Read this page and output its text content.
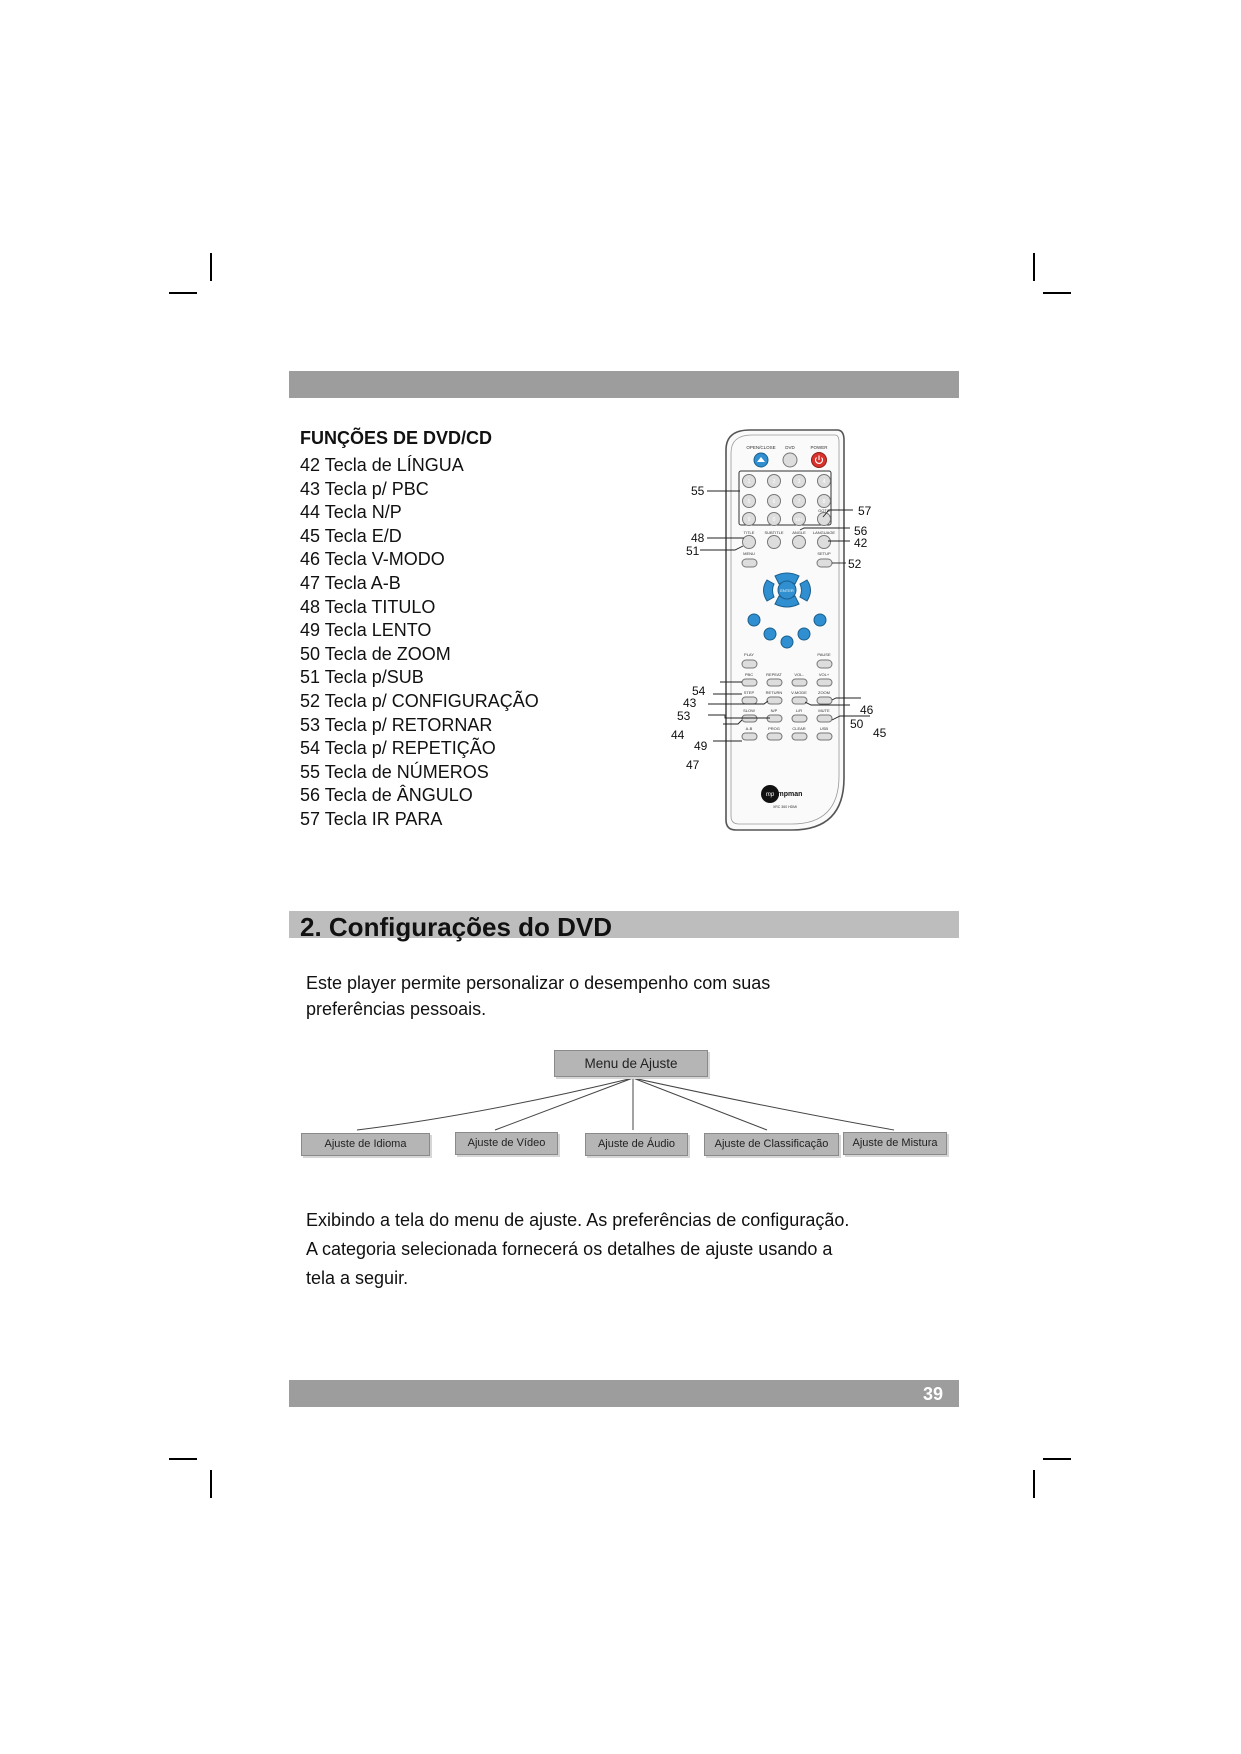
FUNÇÕES DE DVD/CD
42 Tecla de LÍNGUA
43 Tecla p/ PBC
44 Tecla N/P
45 Tecla E/D
46 Tecla V-MODO
47 Tecla A-B
48 Tecla TITULO
49 Tecla LENTO
50 Tecla de ZOOM
51 Tecla p/SUB
52 Tecla p/ CONFIGURAÇÃO
53 Tecla p/ RETORNAR
54 Tecla p/ REPETIÇÃO
55 Tecla de NÚMEROS
56 Tecla de ÂNGULO
57 Tecla IR PARA
OPEN/CLOSE DVD	POWER
1	2	3	4
5	6	7	8
9	0	10+
GOTO
TITLE SUBTITLE ANGLE LANGUAGE
MENU	SETUP
ENTER
PLAY	PAUSE
PBC	REPEAT	VOL-	VOL+
STEP	RETURN V-MODE	ZOOM
SLOW	N/P	L/R	MUTE
A-B	PROG	CLEAR	USB
mp mpman
XRC 360 HDMI
55
48
51
57
56
42
52
54
43
53
44
49
47
46
50
45
2. Configurações do DVD
Este player permite personalizar o desempenho com suas
preferências pessoais.
Menu de Ajuste
Ajuste de Idioma	Ajuste de Vídeo	Ajuste de Áudio	Ajuste de Classificação	Ajuste de Mistura
Exibindo a tela do menu de ajuste. As preferências de configuração.
A categoria selecionada fornecerá os detalhes de ajuste usando a
tela a seguir.
39
